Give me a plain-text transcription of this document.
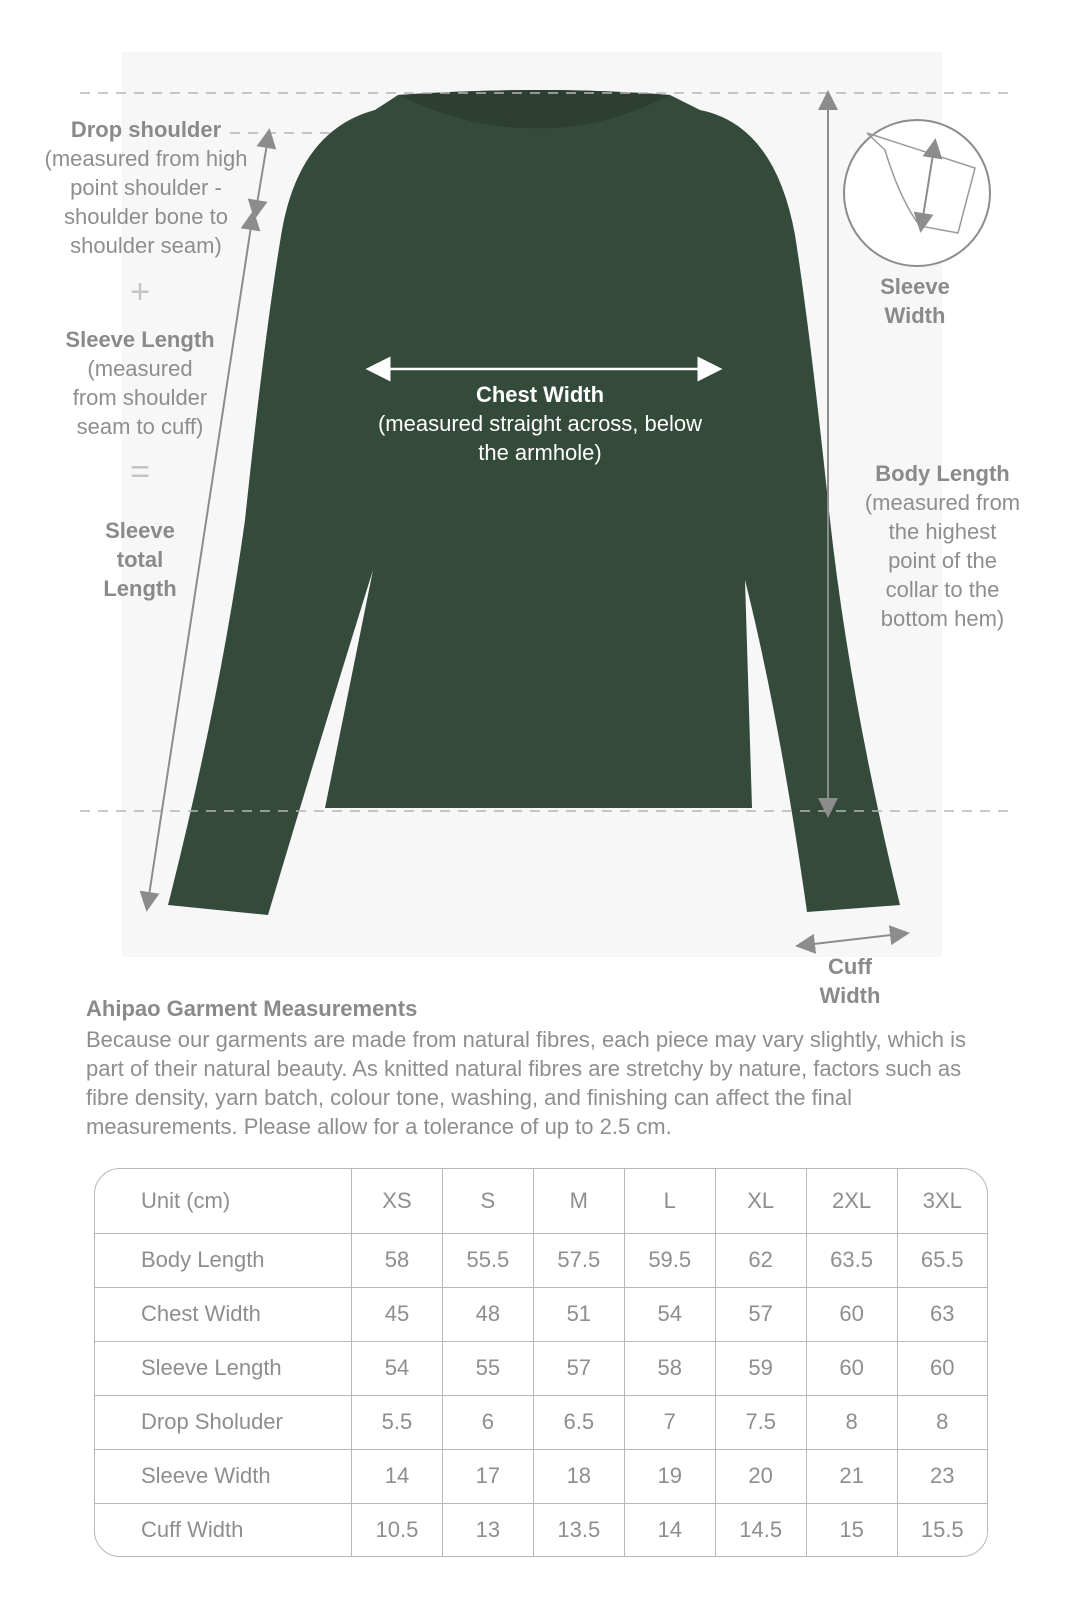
Drop shoulder
(measured from high
point shoulder -
shoulder bone to
shoulder seam)
+
Sleeve Length
(measured
from shoulder
seam to cuff)
=
Sleeve
total
Length
Chest Width
(measured straight across, below
the armhole)
Sleeve
Width
Body Length
(measured from
the highest
point of the
collar to the
bottom hem)
Cuff
Width
Ahipao Garment Measurements
Because our garments are made from natural fibres, each piece may vary slightly, which is part of their natural beauty. As knitted natural fibres are stretchy by nature, factors such as fibre density, yarn batch, colour tone, washing, and finishing can affect the final measurements. Please allow for a tolerance of up to 2.5 cm.
Unit (cm)	XS	S	M	L	XL	2XL	3XL
Body Length	58	55.5	57.5	59.5	62	63.5	65.5
Chest Width	45	48	51	54	57	60	63
Sleeve Length	54	55	57	58	59	60	60
Drop Sholuder	5.5	6	6.5	7	7.5	8	8
Sleeve Width	14	17	18	19	20	21	23
Cuff Width	10.5	13	13.5	14	14.5	15	15.5
